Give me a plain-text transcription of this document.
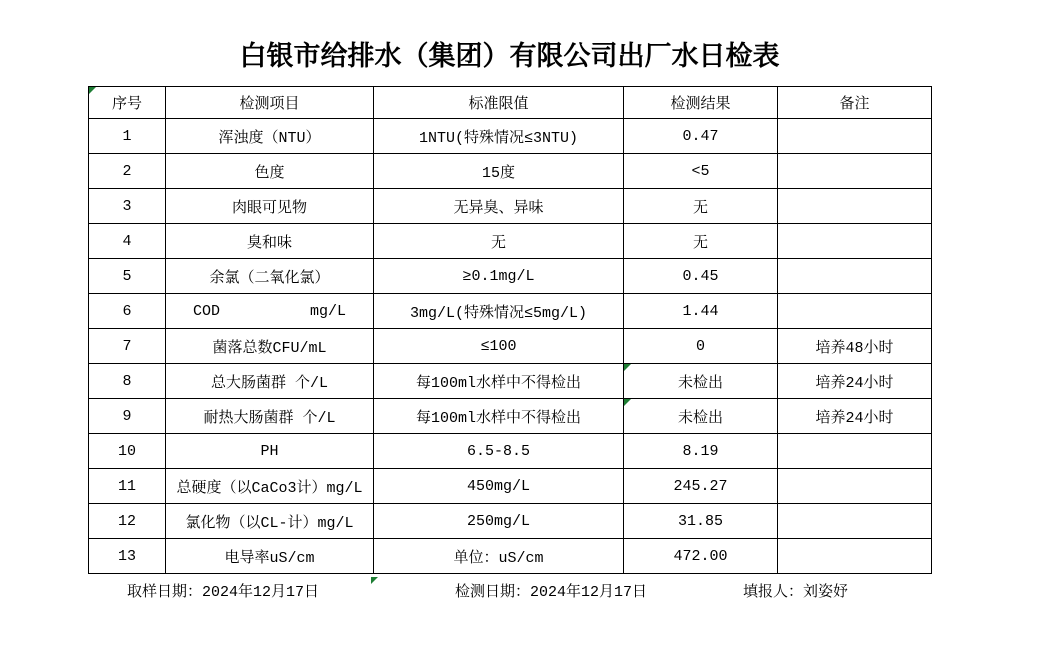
白银市给排水（集团）有限公司出厂水日检表
序号	检测项目	标准限值	检测结果	备注
1	浑浊度（NTU）	1NTU(特殊情况≤3NTU)	0.47	
2	色度	15度	<5	
3	肉眼可见物	无异臭、异味	无	
4	臭和味	无	无	
5	余氯（二氧化氯）	≥0.1mg/L	0.45	
6	COD          mg/L	3mg/L(特殊情况≤5mg/L)	1.44	
7	菌落总数CFU/mL	≤100	0	培养48小时
8	总大肠菌群 个/L	每100ml水样中不得检出	未检出	培养24小时
9	耐热大肠菌群 个/L	每100ml水样中不得检出	未检出	培养24小时
10	PH	6.5-8.5	8.19	
11	总硬度（以CaCo3计）mg/L	450mg/L	245.27	
12	氯化物（以CL-计）mg/L	250mg/L	31.85	
13	电导率uS/cm	单位：uS/cm	472.00	
取样日期：2024年12月17日	检测日期：2024年12月17日	填报人：刘姿妤
